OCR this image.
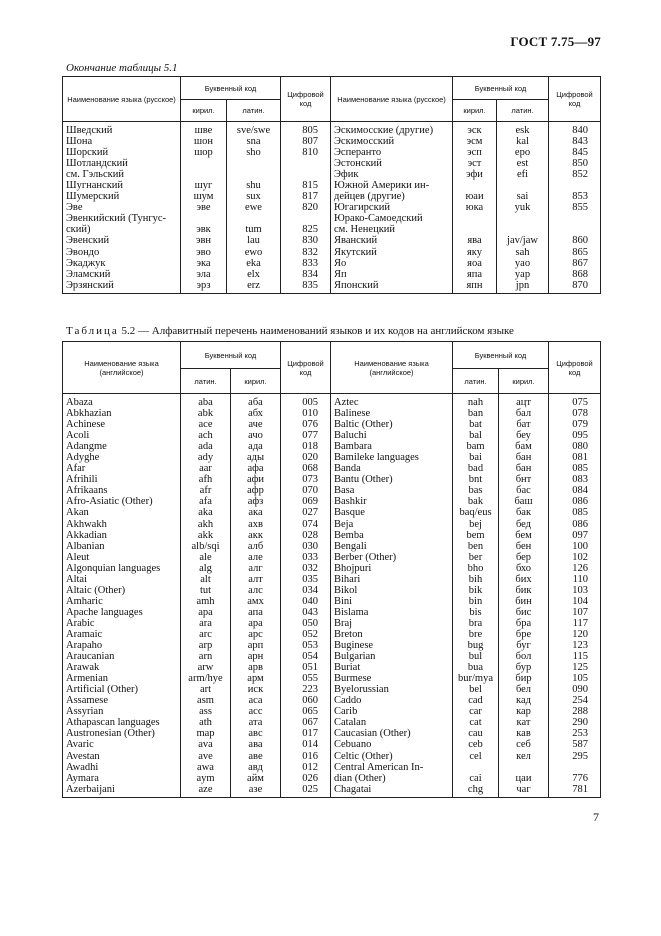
ГОСТ 7.75—97
Окончание таблицы 5.1
Наименование языка (русское)	Буквенный код		Цифровой код	Наименование языка (русское)	Буквенный код		Цифровой код
	кирил.	латин.			кирил.	латин.	
Шведский	шве	sve/swe	805	Эскимосские (другие)	эск	esk	840
Шона	шон	sna	807	Эскимосский	эсм	kal	843
Шорский	шор	sho	810	Эсперанто	эсп	epo	845
Шотландский				Эстонский	эст	est	850
см. Гэльский				Эфик	эфи	efi	852
Шугнанский	шуг	shu	815	Южной Америки ин-			
Шумерский	шум	sux	817	дейцев (другие)	юаи	sai	853
Эве	эве	ewe	820	Югагирский	юка	yuk	855
Эвенкийский (Тунгус-				Юрако-Самоедский			
ский)	эвк	tum	825	см. Ненецкий			
Эвенский	эвн	lau	830	Яванский	ява	jav/jaw	860
Эвондо	эво	ewo	832	Якутский	яку	sah	865
Экаджук	эка	eka	833	Яо	яоа	yao	867
Эламский	эла	elx	834	Яп	япа	yap	868
Эрзянский	эрз	erz	835	Японский	япн	jpn	870
Таблица 5.2 — Алфавитный перечень наименований языков и их кодов на английском языке
Наименование языка (английское)	Буквенный код		Цифровой код	Наименование языка (английское)	Буквенный код		Цифровой код
	латин.	кирил.			латин.	кирил.	
Abaza	aba	аба	005	Aztec	nah	ацт	075
Abkhazian	abk	абх	010	Balinese	ban	бал	078
Achinese	ace	аче	076	Baltic (Other)	bat	бат	079
Acoli	ach	ачо	077	Baluchi	bal	беу	095
Adangme	ada	ада	018	Bambara	bam	бам	080
Adyghe	ady	ады	020	Bamileke languages	bai	бан	081
Afar	aar	афа	068	Banda	bad	бан	085
Afrihili	afh	афи	073	Bantu (Other)	bnt	бнт	083
Afrikaans	afr	афр	070	Basa	bas	бас	084
Afro-Asiatic (Other)	afa	афз	069	Bashkir	bak	баш	086
Akan	aka	ака	027	Basque	baq/eus	бак	085
Akhwakh	akh	ахв	074	Beja	bej	бед	086
Akkadian	akk	акк	028	Bemba	bem	бем	097
Albanian	alb/sqi	алб	030	Bengali	ben	бен	100
Aleut	ale	але	033	Berber (Other)	ber	бер	102
Algonquian languages	alg	алг	032	Bhojpuri	bho	бхо	126
Altai	alt	алт	035	Bihari	bih	бих	110
Altaic (Other)	tut	алс	034	Bikol	bik	бик	103
Amharic	amh	амх	040	Bini	bin	бин	104
Apache languages	apa	апа	043	Bislama	bis	бис	107
Arabic	ara	ара	050	Braj	bra	бра	117
Aramaic	arc	арс	052	Breton	bre	бре	120
Arapaho	arp	арп	053	Buginese	bug	буг	123
Araucanian	arn	арн	054	Bulgarian	bul	бол	115
Arawak	arw	арв	051	Buriat	bua	бур	125
Armenian	arm/hye	арм	055	Burmese	bur/mya	бир	105
Artificial (Other)	art	иск	223	Byelorussian	bel	бел	090
Assamese	asm	аса	060	Caddo	cad	кад	254
Assyrian	ass	асс	065	Carib	car	кар	288
Athapascan languages	ath	ата	067	Catalan	cat	кат	290
Austronesian (Other)	map	авс	017	Caucasian (Other)	cau	кав	253
Avaric	ava	ава	014	Cebuano	ceb	себ	587
Avestan	ave	аве	016	Celtic (Other)	cel	кел	295
Awadhi	awa	авд	012	Central American In-			
Aymara	aym	айм	026	dian (Other)	cai	цаи	776
Azerbaijani	aze	азе	025	Chagatai	chg	чаг	781
7
